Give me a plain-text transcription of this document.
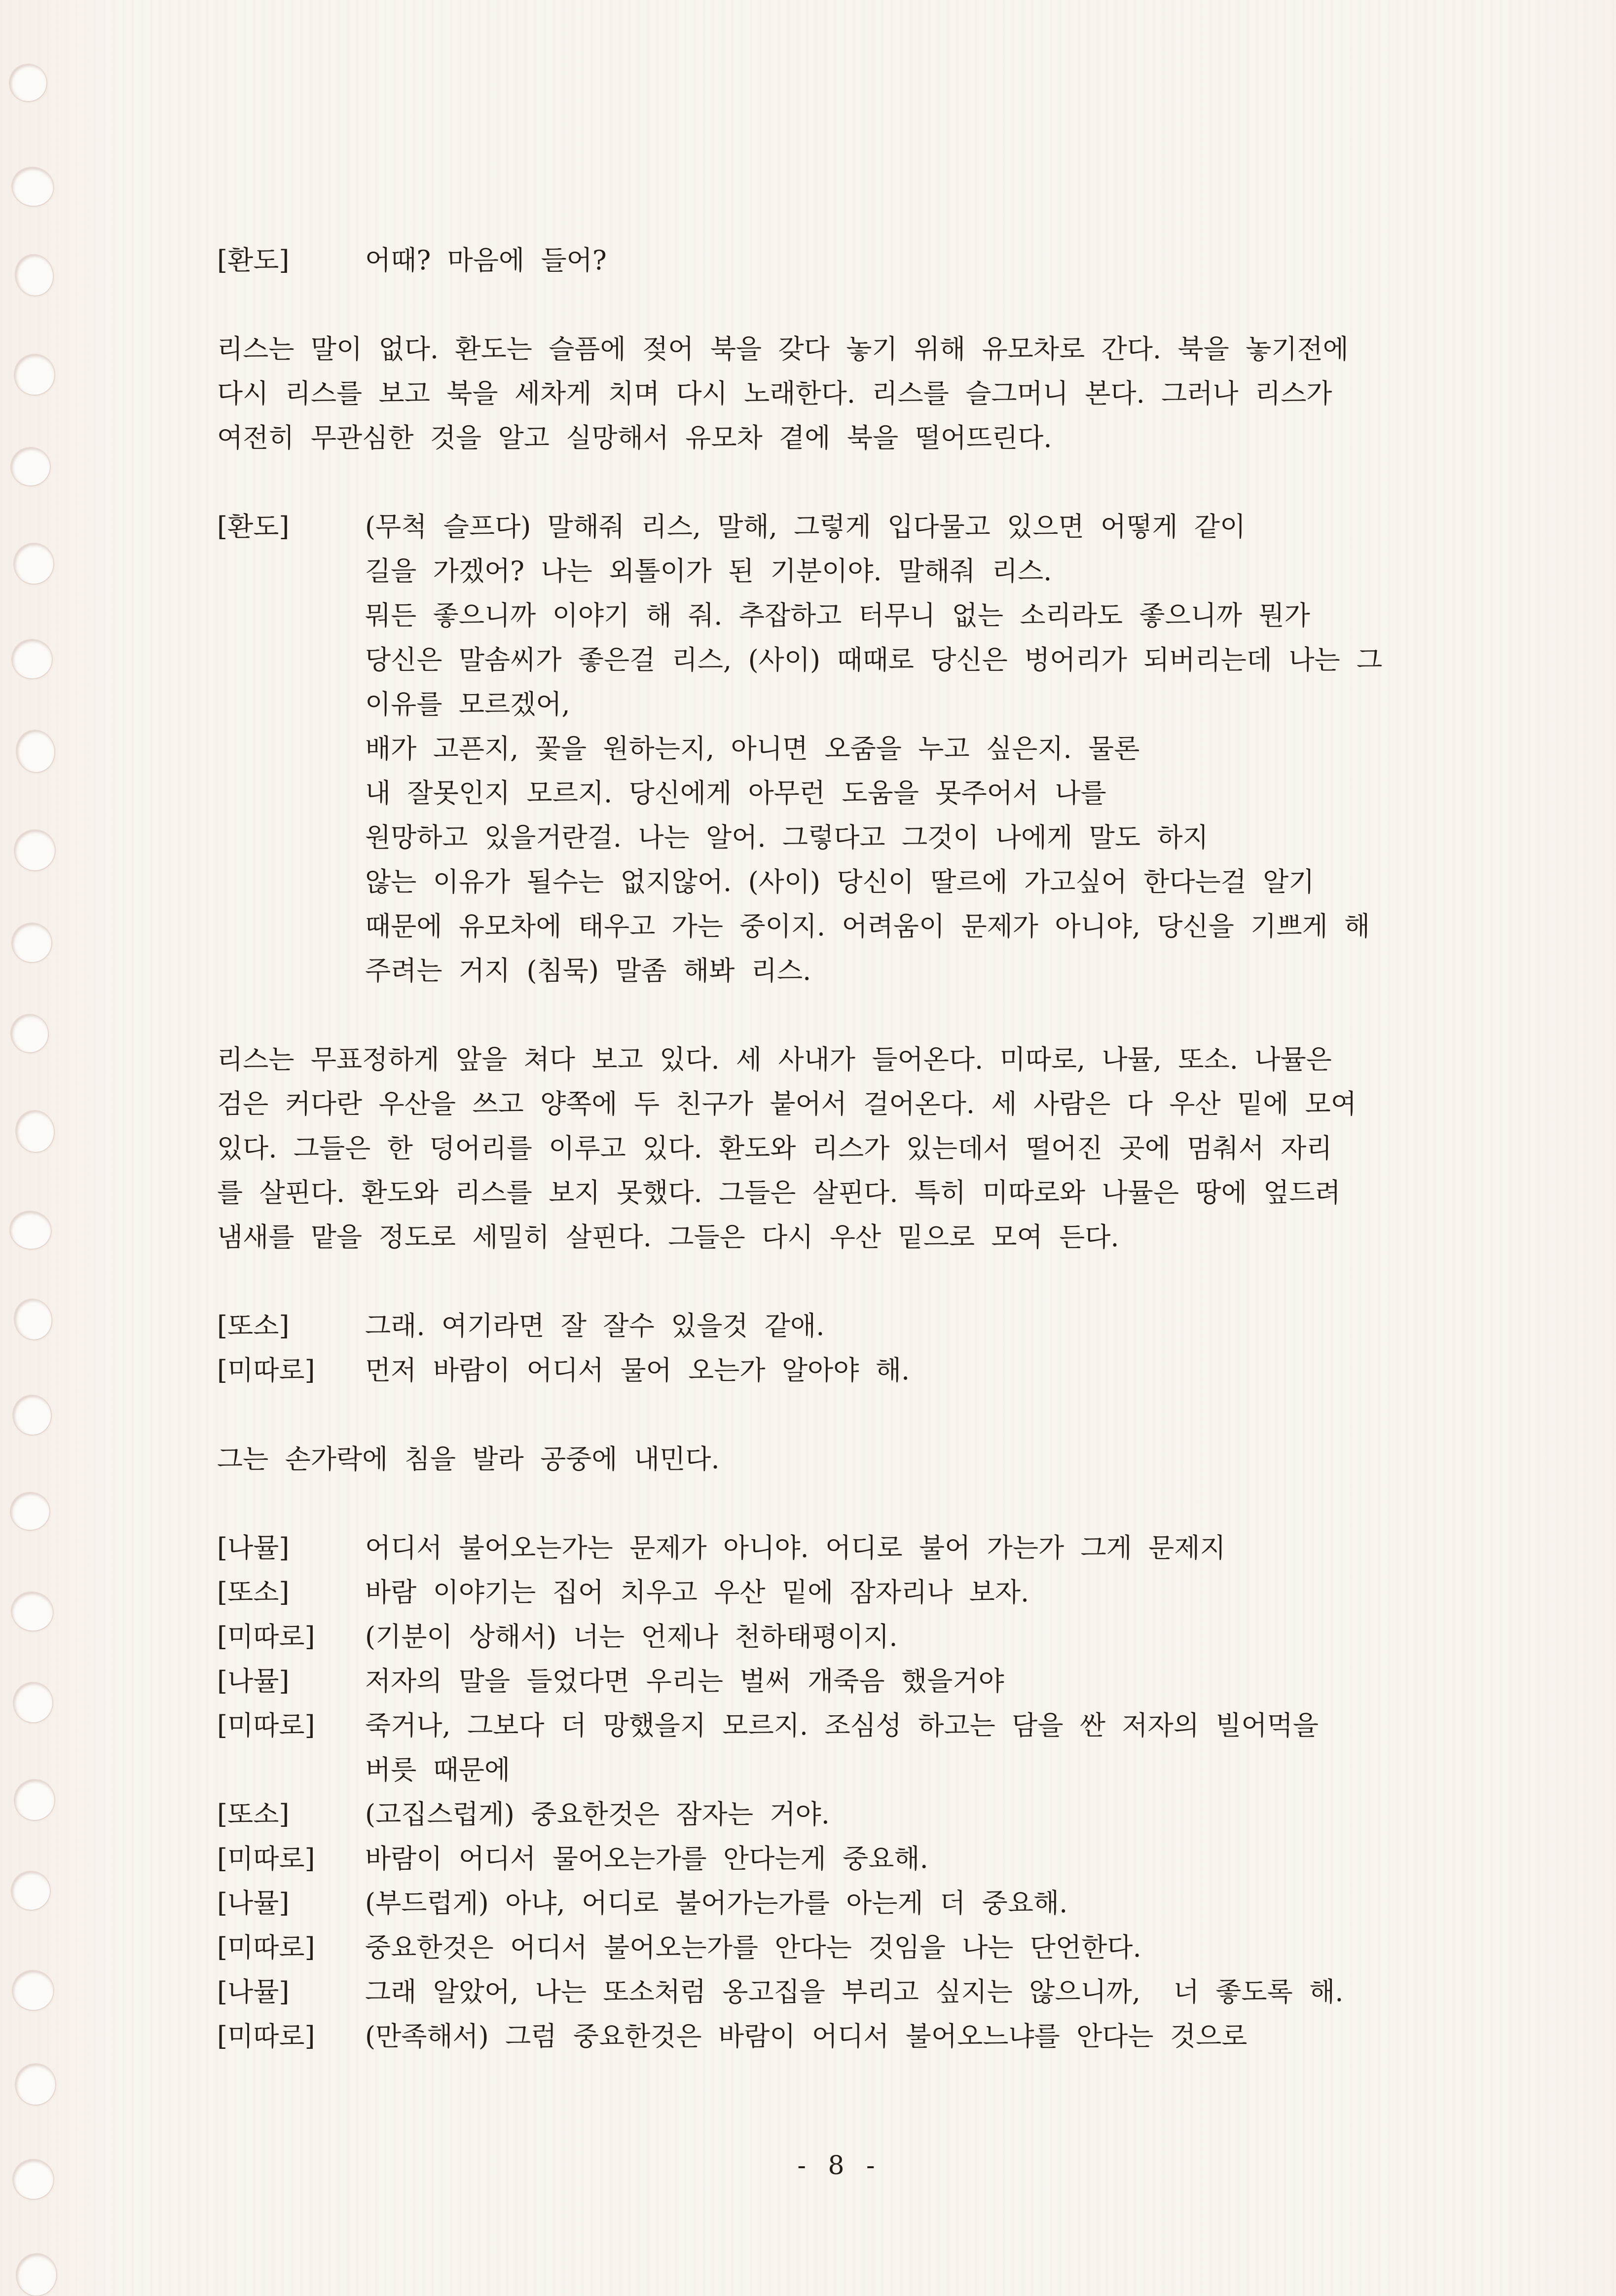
[환도]	어때? 마음에 들어?
리스는 말이 없다. 환도는 슬픔에 젖어 북을 갖다 놓기 위해 유모차로 간다. 북을 놓기전에
다시 리스를 보고 북을 세차게 치며 다시 노래한다. 리스를 슬그머니 본다. 그러나 리스가
여전히 무관심한 것을 알고 실망해서 유모차 곁에 북을 떨어뜨린다.
[환도]	(무척 슬프다) 말해줘 리스, 말해, 그렇게 입다물고 있으면 어떻게 같이
길을 가겠어? 나는 외톨이가 된 기분이야. 말해줘 리스.
뭐든 좋으니까 이야기 해 줘. 추잡하고 터무니 없는 소리라도 좋으니까 뭔가
당신은 말솜씨가 좋은걸 리스, (사이) 때때로 당신은 벙어리가 되버리는데 나는 그
이유를 모르겠어,
배가 고픈지, 꽃을 원하는지, 아니면 오줌을 누고 싶은지. 물론
내 잘못인지 모르지. 당신에게 아무런 도움을 못주어서 나를
원망하고 있을거란걸. 나는 알어. 그렇다고 그것이 나에게 말도 하지
않는 이유가 될수는 없지않어. (사이) 당신이 딸르에 가고싶어 한다는걸 알기
때문에 유모차에 태우고 가는 중이지. 어려움이 문제가 아니야, 당신을 기쁘게 해
주려는 거지 (침묵) 말좀 해봐 리스.
리스는 무표정하게 앞을 쳐다 보고 있다. 세 사내가 들어온다. 미따로, 나뮬, 또소. 나뮬은
검은 커다란 우산을 쓰고 양쪽에 두 친구가 붙어서 걸어온다. 세 사람은 다 우산 밑에 모여
있다. 그들은 한 덩어리를 이루고 있다. 환도와 리스가 있는데서 떨어진 곳에 멈춰서 자리
를 살핀다. 환도와 리스를 보지 못했다. 그들은 살핀다. 특히 미따로와 나뮬은 땅에 엎드려
냄새를 맡을 정도로 세밀히 살핀다. 그들은 다시 우산 밑으로 모여 든다.
[또소]	그래. 여기라면 잘 잘수 있을것 같애.
[미따로]	먼저 바람이 어디서 물어 오는가 알아야 해.
그는 손가락에 침을 발라 공중에 내민다.
[나뮬]	어디서 불어오는가는 문제가 아니야. 어디로 불어 가는가 그게 문제지
[또소]	바람 이야기는 집어 치우고 우산 밑에 잠자리나 보자.
[미따로]	(기분이 상해서) 너는 언제나 천하태평이지.
[나뮬]	저자의 말을 들었다면 우리는 벌써 개죽음 했을거야
[미따로]	죽거나, 그보다 더 망했을지 모르지. 조심성 하고는 담을 싼 저자의 빌어먹을
버릇 때문에
[또소]	(고집스럽게) 중요한것은 잠자는 거야.
[미따로]	바람이 어디서 물어오는가를 안다는게 중요해.
[나뮬]	(부드럽게) 아냐, 어디로 불어가는가를 아는게 더 중요해.
[미따로]	중요한것은 어디서 불어오는가를 안다는 것임을 나는 단언한다.
[나뮬]	그래 알았어, 나는 또소처럼 옹고집을 부리고 싶지는 않으니까,  너 좋도록 해.
[미따로]	(만족해서) 그럼 중요한것은 바람이 어디서 불어오느냐를 안다는 것으로
- 8 -
